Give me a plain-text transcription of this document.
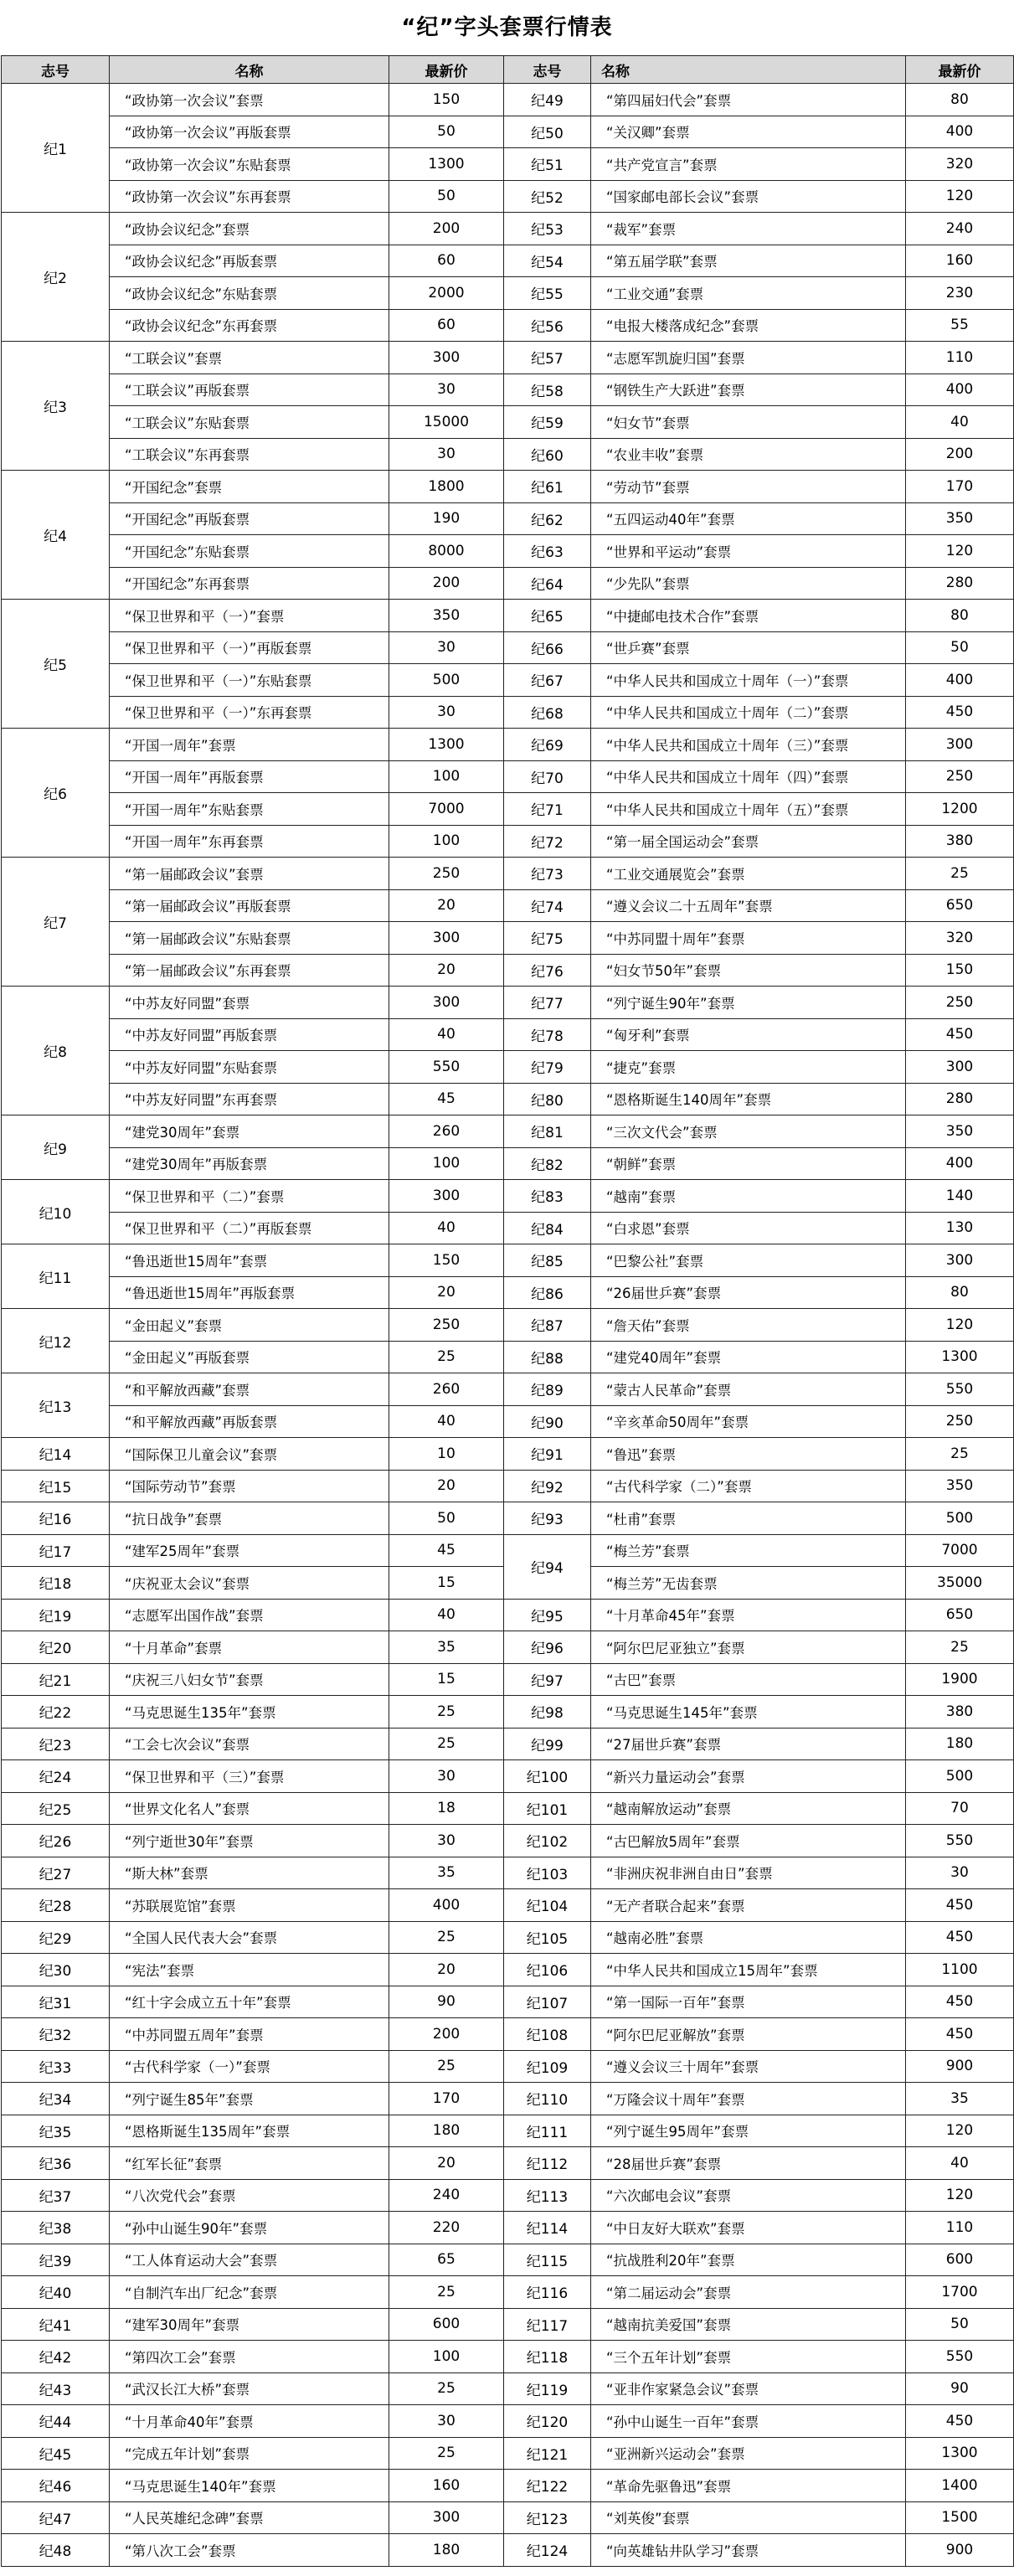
“纪”字头套票行情表
志号	名称	最新价	志号	名称	最新价
纪1	“政协第一次会议”套票	150	纪49	“第四届妇代会”套票	80
	“政协第一次会议”再版套票	50	纪50	“关汉卿”套票	400
	“政协第一次会议”东贴套票	1300	纪51	“共产党宣言”套票	320
	“政协第一次会议”东再套票	50	纪52	“国家邮电部长会议”套票	120
纪2	“政协会议纪念”套票	200	纪53	“裁军”套票	240
	“政协会议纪念”再版套票	60	纪54	“第五届学联”套票	160
	“政协会议纪念”东贴套票	2000	纪55	“工业交通”套票	230
	“政协会议纪念”东再套票	60	纪56	“电报大楼落成纪念”套票	55
纪3	“工联会议”套票	300	纪57	“志愿军凯旋归国”套票	110
	“工联会议”再版套票	30	纪58	“钢铁生产大跃进”套票	400
	“工联会议”东贴套票	15000	纪59	“妇女节”套票	40
	“工联会议”东再套票	30	纪60	“农业丰收”套票	200
纪4	“开国纪念”套票	1800	纪61	“劳动节”套票	170
	“开国纪念”再版套票	190	纪62	“五四运动40年”套票	350
	“开国纪念”东贴套票	8000	纪63	“世界和平运动”套票	120
	“开国纪念”东再套票	200	纪64	“少先队”套票	280
纪5	“保卫世界和平（一）”套票	350	纪65	“中捷邮电技术合作”套票	80
	“保卫世界和平（一）”再版套票	30	纪66	“世乒赛”套票	50
	“保卫世界和平（一）”东贴套票	500	纪67	“中华人民共和国成立十周年（一）”套票	400
	“保卫世界和平（一）”东再套票	30	纪68	“中华人民共和国成立十周年（二）”套票	450
纪6	“开国一周年”套票	1300	纪69	“中华人民共和国成立十周年（三）”套票	300
	“开国一周年”再版套票	100	纪70	“中华人民共和国成立十周年（四）”套票	250
	“开国一周年”东贴套票	7000	纪71	“中华人民共和国成立十周年（五）”套票	1200
	“开国一周年”东再套票	100	纪72	“第一届全国运动会”套票	380
纪7	“第一届邮政会议”套票	250	纪73	“工业交通展览会”套票	25
	“第一届邮政会议”再版套票	20	纪74	“遵义会议二十五周年”套票	650
	“第一届邮政会议”东贴套票	300	纪75	“中苏同盟十周年”套票	320
	“第一届邮政会议”东再套票	20	纪76	“妇女节50年”套票	150
纪8	“中苏友好同盟”套票	300	纪77	“列宁诞生90年”套票	250
	“中苏友好同盟”再版套票	40	纪78	“匈牙利”套票	450
	“中苏友好同盟”东贴套票	550	纪79	“捷克”套票	300
	“中苏友好同盟”东再套票	45	纪80	“恩格斯诞生140周年”套票	280
纪9	“建党30周年”套票	260	纪81	“三次文代会”套票	350
	“建党30周年”再版套票	100	纪82	“朝鲜”套票	400
纪10	“保卫世界和平（二）”套票	300	纪83	“越南”套票	140
	“保卫世界和平（二）”再版套票	40	纪84	“白求恩”套票	130
纪11	“鲁迅逝世15周年”套票	150	纪85	“巴黎公社”套票	300
	“鲁迅逝世15周年”再版套票	20	纪86	“26届世乒赛”套票	80
纪12	“金田起义”套票	250	纪87	“詹天佑”套票	120
	“金田起义”再版套票	25	纪88	“建党40周年”套票	1300
纪13	“和平解放西藏”套票	260	纪89	“蒙古人民革命”套票	550
	“和平解放西藏”再版套票	40	纪90	“辛亥革命50周年”套票	250
纪14	“国际保卫儿童会议”套票	10	纪91	“鲁迅”套票	25
纪15	“国际劳动节”套票	20	纪92	“古代科学家（二）”套票	350
纪16	“抗日战争”套票	50	纪93	“杜甫”套票	500
纪17	“建军25周年”套票	45	纪94	“梅兰芳”套票	7000
纪18	“庆祝亚太会议”套票	15		“梅兰芳”无齿套票	35000
纪19	“志愿军出国作战”套票	40	纪95	“十月革命45年”套票	650
纪20	“十月革命”套票	35	纪96	“阿尔巴尼亚独立”套票	25
纪21	“庆祝三八妇女节”套票	15	纪97	“古巴”套票	1900
纪22	“马克思诞生135年”套票	25	纪98	“马克思诞生145年”套票	380
纪23	“工会七次会议”套票	25	纪99	“27届世乒赛”套票	180
纪24	“保卫世界和平（三）”套票	30	纪100	“新兴力量运动会”套票	500
纪25	“世界文化名人”套票	18	纪101	“越南解放运动”套票	70
纪26	“列宁逝世30年”套票	30	纪102	“古巴解放5周年”套票	550
纪27	“斯大林”套票	35	纪103	“非洲庆祝非洲自由日”套票	30
纪28	“苏联展览馆”套票	400	纪104	“无产者联合起来”套票	450
纪29	“全国人民代表大会”套票	25	纪105	“越南必胜”套票	450
纪30	“宪法”套票	20	纪106	“中华人民共和国成立15周年”套票	1100
纪31	“红十字会成立五十年”套票	90	纪107	“第一国际一百年”套票	450
纪32	“中苏同盟五周年”套票	200	纪108	“阿尔巴尼亚解放”套票	450
纪33	“古代科学家（一）”套票	25	纪109	“遵义会议三十周年”套票	900
纪34	“列宁诞生85年”套票	170	纪110	“万隆会议十周年”套票	35
纪35	“恩格斯诞生135周年”套票	180	纪111	“列宁诞生95周年”套票	120
纪36	“红军长征”套票	20	纪112	“28届世乒赛”套票	40
纪37	“八次党代会”套票	240	纪113	“六次邮电会议”套票	120
纪38	“孙中山诞生90年”套票	220	纪114	“中日友好大联欢”套票	110
纪39	“工人体育运动大会”套票	65	纪115	“抗战胜利20年”套票	600
纪40	“自制汽车出厂纪念”套票	25	纪116	“第二届运动会”套票	1700
纪41	“建军30周年”套票	600	纪117	“越南抗美爱国”套票	50
纪42	“第四次工会”套票	100	纪118	“三个五年计划”套票	550
纪43	“武汉长江大桥”套票	25	纪119	“亚非作家紧急会议”套票	90
纪44	“十月革命40年”套票	30	纪120	“孙中山诞生一百年”套票	450
纪45	“完成五年计划”套票	25	纪121	“亚洲新兴运动会”套票	1300
纪46	“马克思诞生140年”套票	160	纪122	“革命先驱鲁迅”套票	1400
纪47	“人民英雄纪念碑”套票	300	纪123	“刘英俊”套票	1500
纪48	“第八次工会”套票	180	纪124	“向英雄钻井队学习”套票	900
